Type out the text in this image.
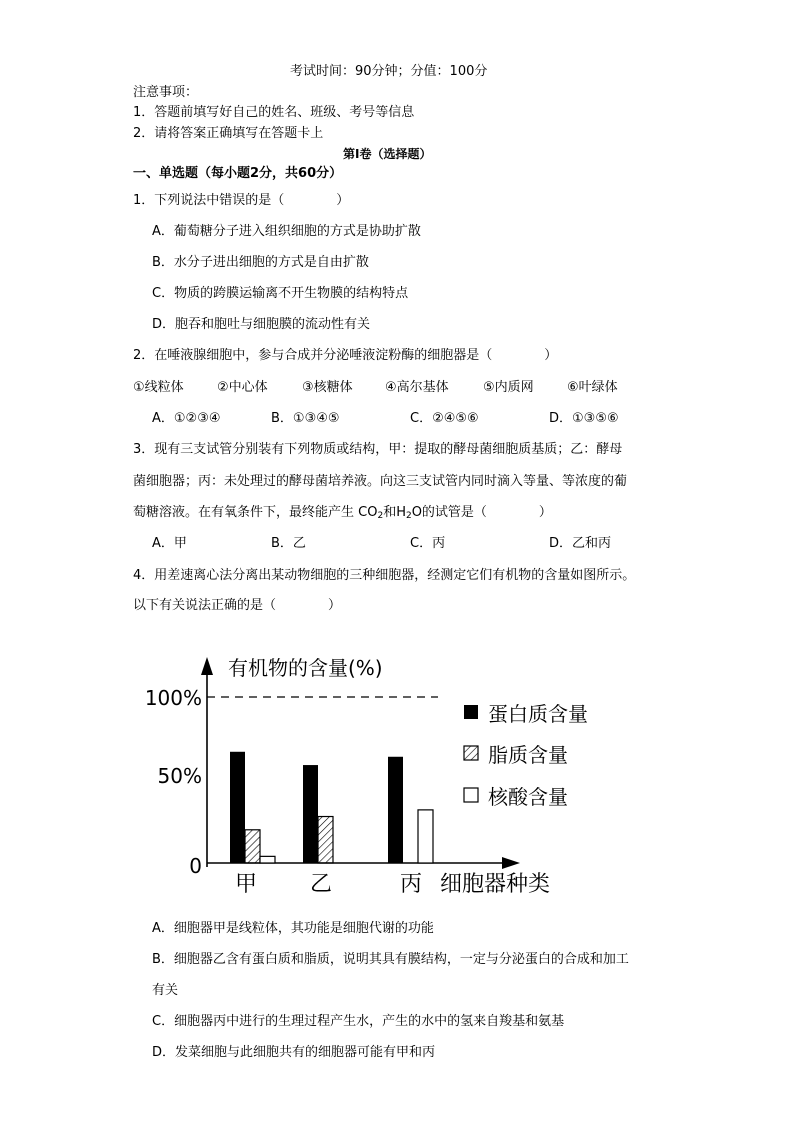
考试时间：90分钟；分值：100分
注意事项：
1．答题前填写好自己的姓名、班级、考号等信息
2．请将答案正确填写在答题卡上
第I卷（选择题）
一、单选题（每小题2分，共60分）
1．下列说法中错误的是（　　　　）
A．葡萄糖分子进入组织细胞的方式是协助扩散
B．水分子进出细胞的方式是自由扩散
C．物质的跨膜运输离不开生物膜的结构特点
D．胞吞和胞吐与细胞膜的流动性有关
2．在唾液腺细胞中，参与合成并分泌唾液淀粉酶的细胞器是（　　　　）
①线粒体	②中心体	③核糖体 ④高尔基体	⑤内质网	⑥叶绿体
A．①②③④	B．①③④⑤	C．②④⑤⑥	D．①③⑤⑥
3．现有三支试管分别装有下列物质或结构，甲：提取的酵母菌细胞质基质；乙：酵母
菌细胞器；丙：未处理过的酵母菌培养液。向这三支试管内同时滴入等量、等浓度的葡
萄糖溶液。在有氧条件下，最终能产生 $CO_2$和$H_2O$的试管是（　　　　）
A．甲	B．乙	C．丙	D．乙和丙
4．用差速离心法分离出某动物细胞的三种细胞器，经测定它们有机物的含量如图所示。
以下有关说法正确的是（　　　　）
有机物的含量(%)
0
50%
100%
甲 乙	丙 细胞器种类
蛋白质含量
脂质含量
核酸含量
A．细胞器甲是线粒体，其功能是细胞代谢的功能
B．细胞器乙含有蛋白质和脂质，说明其具有膜结构，一定与分泌蛋白的合成和加工
有关
C．细胞器丙中进行的生理过程产生水，产生的水中的氢来自羧基和氨基
D．发菜细胞与此细胞共有的细胞器可能有甲和丙
